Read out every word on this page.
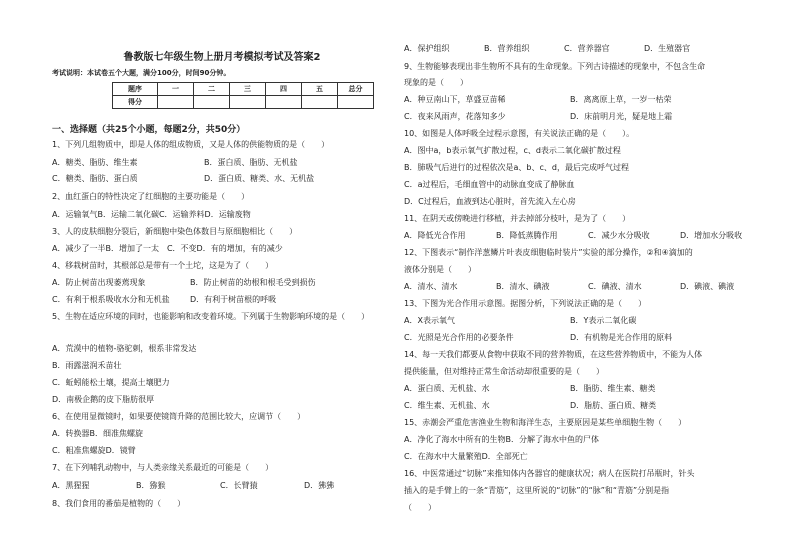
鲁教版七年级生物上册月考模拟考试及答案2
考试说明：本试卷五个大题，满分100分，时间90分钟。
题序	一	二	三	四	五	总分
得分						
一、选择题（共25个小题，每题2分，共50分）
1、下列几组物质中，即是人体的组成物质，又是人体的供能物质的是（　　）
A．糖类、脂肪、维生素	B．蛋白质、脂肪、无机盐
C．糖类、脂肪、蛋白质	D．蛋白质、糖类、水、无机盐
2、血红蛋白的特性决定了红细胞的主要功能是（　　）
A．运输氧气B．运输二氧化碳C．运输养料D．运输废物
3、人的皮肤细胞分裂后，新细胞中染色体数目与原细胞相比（　　）
A．减少了一半B．增加了一太　C．不变D．有的增加，有的减少
4、移栽树苗时，其根部总是带有一个土坨，这是为了（　　）
A．防止树苗出现萎蔫现象	B．防止树苗的幼根和根毛受到损伤
C．有利于根系吸收水分和无机盐	D．有利于树苗根的呼吸
5、生物在适应环境的同时，也能影响和改变着环境。下列属于生物影响环境的是（　　）
A．荒漠中的植物-骆驼刺，根系非常发达
B．雨露滋润禾苗壮
C．蚯蚓能松土壤，提高土壤肥力
D．南极企鹅的皮下脂肪很厚
6、在使用显微镜时，如果要使镜筒升降的范围比较大，应调节（　　）
A．转换器B．细准焦螺旋
C．粗准焦螺旋D．镜臂
7、在下列哺乳动物中，与人类亲缘关系最近的可能是（　　）
A．黑猩猩	B．猕猴	C．长臂猿	D．狒狒
8、我们食用的番茄是植物的（　　）
A．保护组织	B．营养组织	C．营养器官	D．生殖器官
9、生物能够表现出非生物所不具有的生命现象。下列古诗描述的现象中，不包含生命
现象的是（　　）
A．种豆南山下，草盛豆苗稀	B．离离原上草，一岁一枯荣
C．夜来风雨声，花落知多少	D．床前明月光，疑是地上霜
10、如图是人体呼吸全过程示意图，有关说法正确的是（　　）。
A．图中a，b表示氧气扩散过程，c、d表示二氧化碳扩散过程
B．肺吸气后进行的过程依次是a、b、c、d，最后完成呼气过程
C．a过程后，毛细血管中的动脉血变成了静脉血
D．C过程后，血液到达心脏时，首先流入左心房
11、在阴天或傍晚进行移植，并去掉部分枝叶，是为了（　　）
A．降低光合作用	B．降低蒸腾作用	C．减少水分吸收	D．增加水分吸收
12、下图表示“制作洋葱鳞片叶表皮细胞临时装片”实验的部分操作，②和④滴加的
液体分别是（　　）
A．清水、清水	B．清水、碘液	C．碘液、清水	D．碘液、碘液
13、下图为光合作用示意图。据图分析，下列说法正确的是（　　）
A．X表示氧气	B．Y表示二氧化碳
C．光照是光合作用的必要条件	D．有机物是光合作用的原料
14、每一天我们都要从食物中获取不同的营养物质，在这些营养物质中，不能为人体
提供能量，但对维持正常生命活动却很重要的是（　　）
A．蛋白质、无机盐、水	B．脂肪、维生素、糖类
C．维生素、无机盐、水	D．脂肪、蛋白质、糖类
15、赤潮会严重危害渔业生物和海洋生态，主要原因是某些单细胞生物（　　）
A．净化了海水中所有的生物B．分解了海水中鱼的尸体
C．在海水中大量繁殖D．全部死亡
16、中医常通过“切脉”来推知体内各器官的健康状况；病人在医院打吊瓶时，针头
插入的是手臂上的一条“青筋”，这里所说的“切脉”的“脉”和“青筋”分别是指
（　　）
